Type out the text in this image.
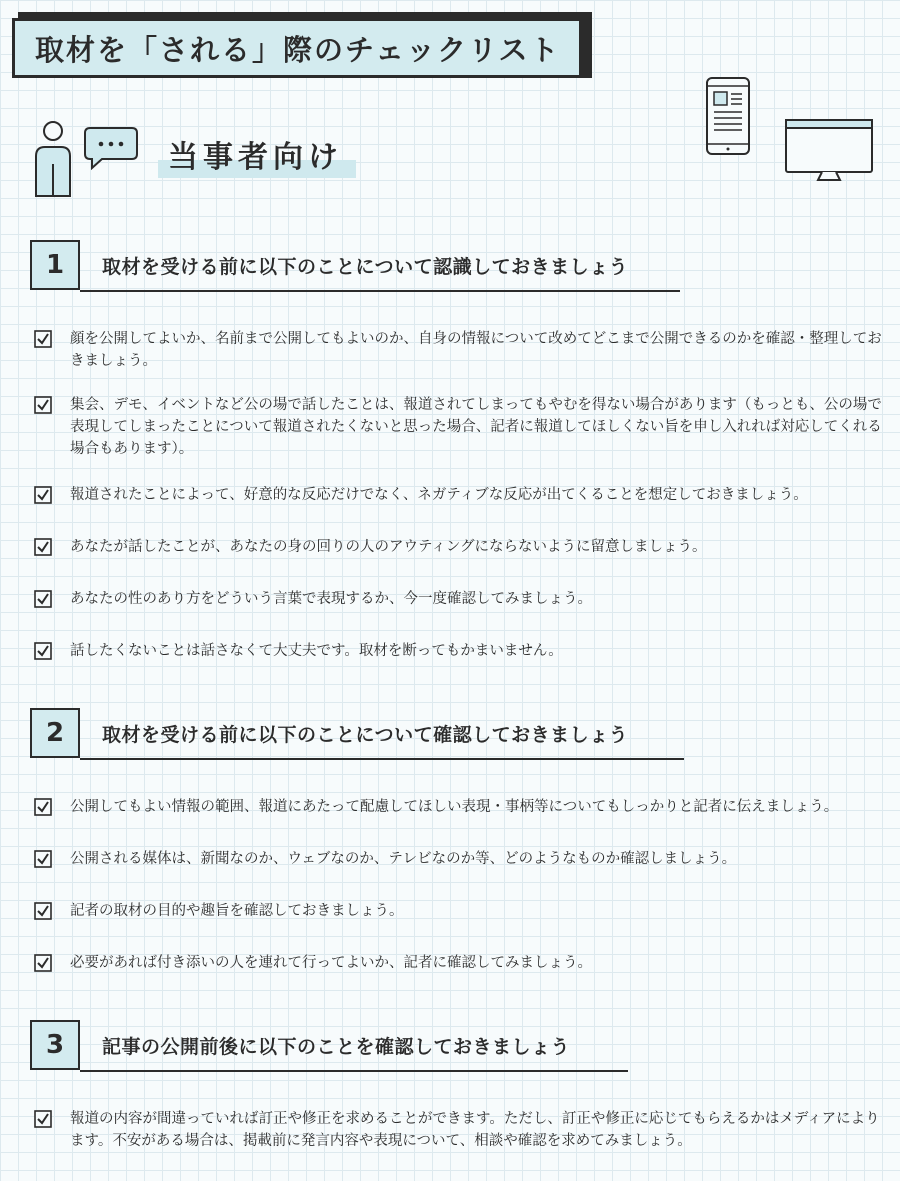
取材を「される」際のチェックリスト
当事者向け
1	取材を受ける前に以下のことについて認識しておきましょう
顔を公開してよいか、名前まで公開してもよいのか、自身の情報について改めてどこまで公開できるのかを確認・整理しておきましょう。
集会、デモ、イベントなど公の場で話したことは、報道されてしまってもやむを得ない場合があります（もっとも、公の場で表現してしまったことについて報道されたくないと思った場合、記者に報道してほしくない旨を申し入れれば対応してくれる場合もあります）。
報道されたことによって、好意的な反応だけでなく、ネガティブな反応が出てくることを想定しておきましょう。
あなたが話したことが、あなたの身の回りの人のアウティングにならないように留意しましょう。
あなたの性のあり方をどういう言葉で表現するか、今一度確認してみましょう。
話したくないことは話さなくて大丈夫です。取材を断ってもかまいません。
2	取材を受ける前に以下のことについて確認しておきましょう
公開してもよい情報の範囲、報道にあたって配慮してほしい表現・事柄等についてもしっかりと記者に伝えましょう。
公開される媒体は、新聞なのか、ウェブなのか、テレビなのか等、どのようなものか確認しましょう。
記者の取材の目的や趣旨を確認しておきましょう。
必要があれば付き添いの人を連れて行ってよいか、記者に確認してみましょう。
3	記事の公開前後に以下のことを確認しておきましょう
報道の内容が間違っていれば訂正や修正を求めることができます。ただし、訂正や修正に応じてもらえるかはメディアによります。不安がある場合は、掲載前に発言内容や表現について、相談や確認を求めてみましょう。
